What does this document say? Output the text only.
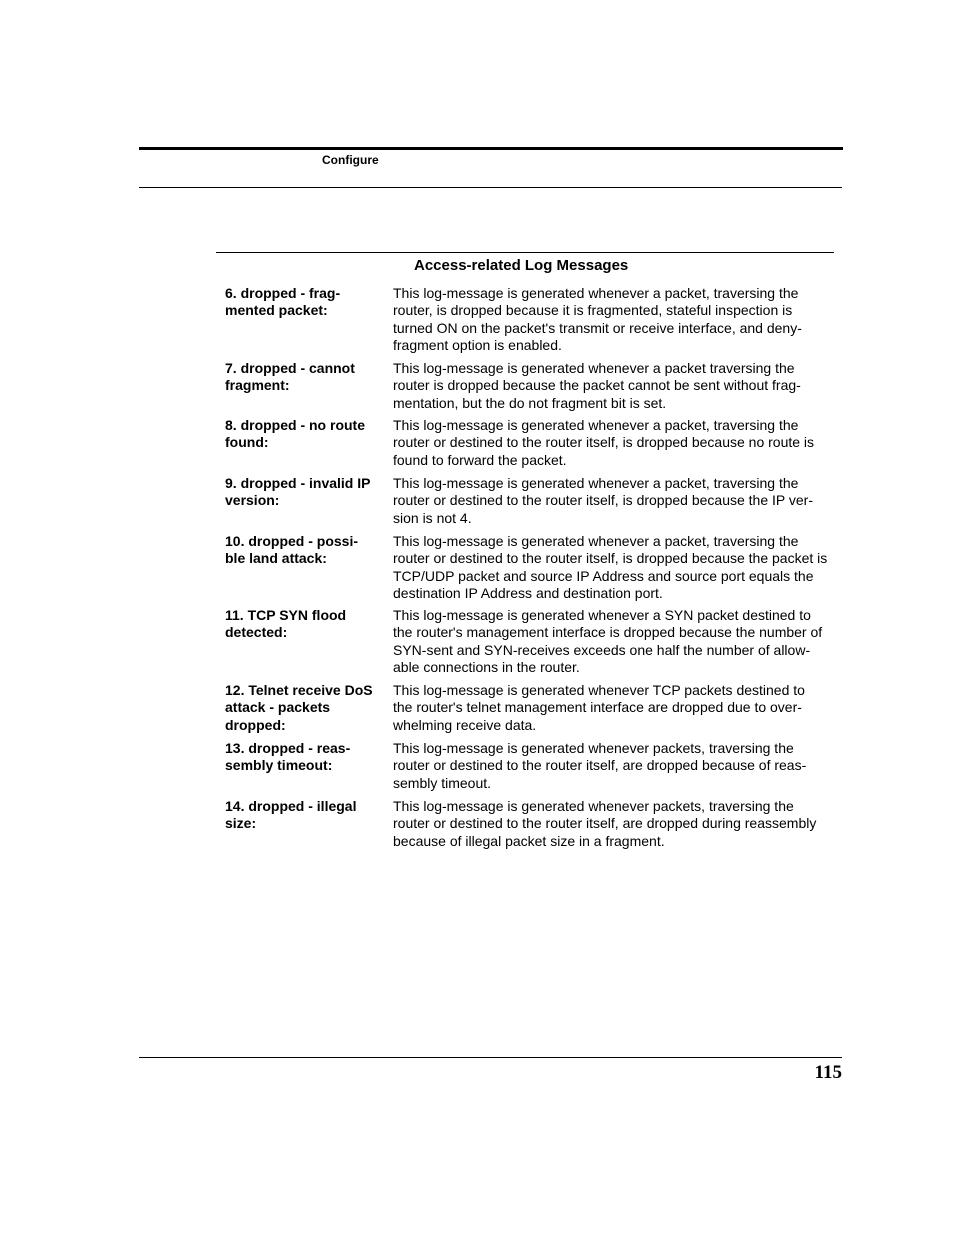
Configure
Access-related Log Messages
6. dropped - frag-
mented packet:
This log-message is generated whenever a packet, traversing the
router, is dropped because it is fragmented, stateful inspection is
turned ON on the packet's transmit or receive interface, and deny-
fragment option is enabled.
7. dropped - cannot
fragment:
This log-message is generated whenever a packet traversing the
router is dropped because the packet cannot be sent without frag-
mentation, but the do not fragment bit is set.
8. dropped - no route
found:
This log-message is generated whenever a packet, traversing the
router or destined to the router itself, is dropped because no route is
found to forward the packet.
9. dropped - invalid IP
version:
This log-message is generated whenever a packet, traversing the
router or destined to the router itself, is dropped because the IP ver-
sion is not 4.
10. dropped - possi-
ble land attack:
This log-message is generated whenever a packet, traversing the
router or destined to the router itself, is dropped because the packet is
TCP/UDP packet and source IP Address and source port equals the
destination IP Address and destination port.
11. TCP SYN flood
detected:
This log-message is generated whenever a SYN packet destined to
the router's management interface is dropped because the number of
SYN-sent and SYN-receives exceeds one half the number of allow-
able connections in the router.
12. Telnet receive DoS
attack - packets
dropped:
This log-message is generated whenever TCP packets destined to
the router's telnet management interface are dropped due to over-
whelming receive data.
13. dropped - reas-
sembly timeout:
This log-message is generated whenever packets, traversing the
router or destined to the router itself, are dropped because of reas-
sembly timeout.
14. dropped - illegal
size:
This log-message is generated whenever packets, traversing the
router or destined to the router itself, are dropped during reassembly
because of illegal packet size in a fragment.
115
